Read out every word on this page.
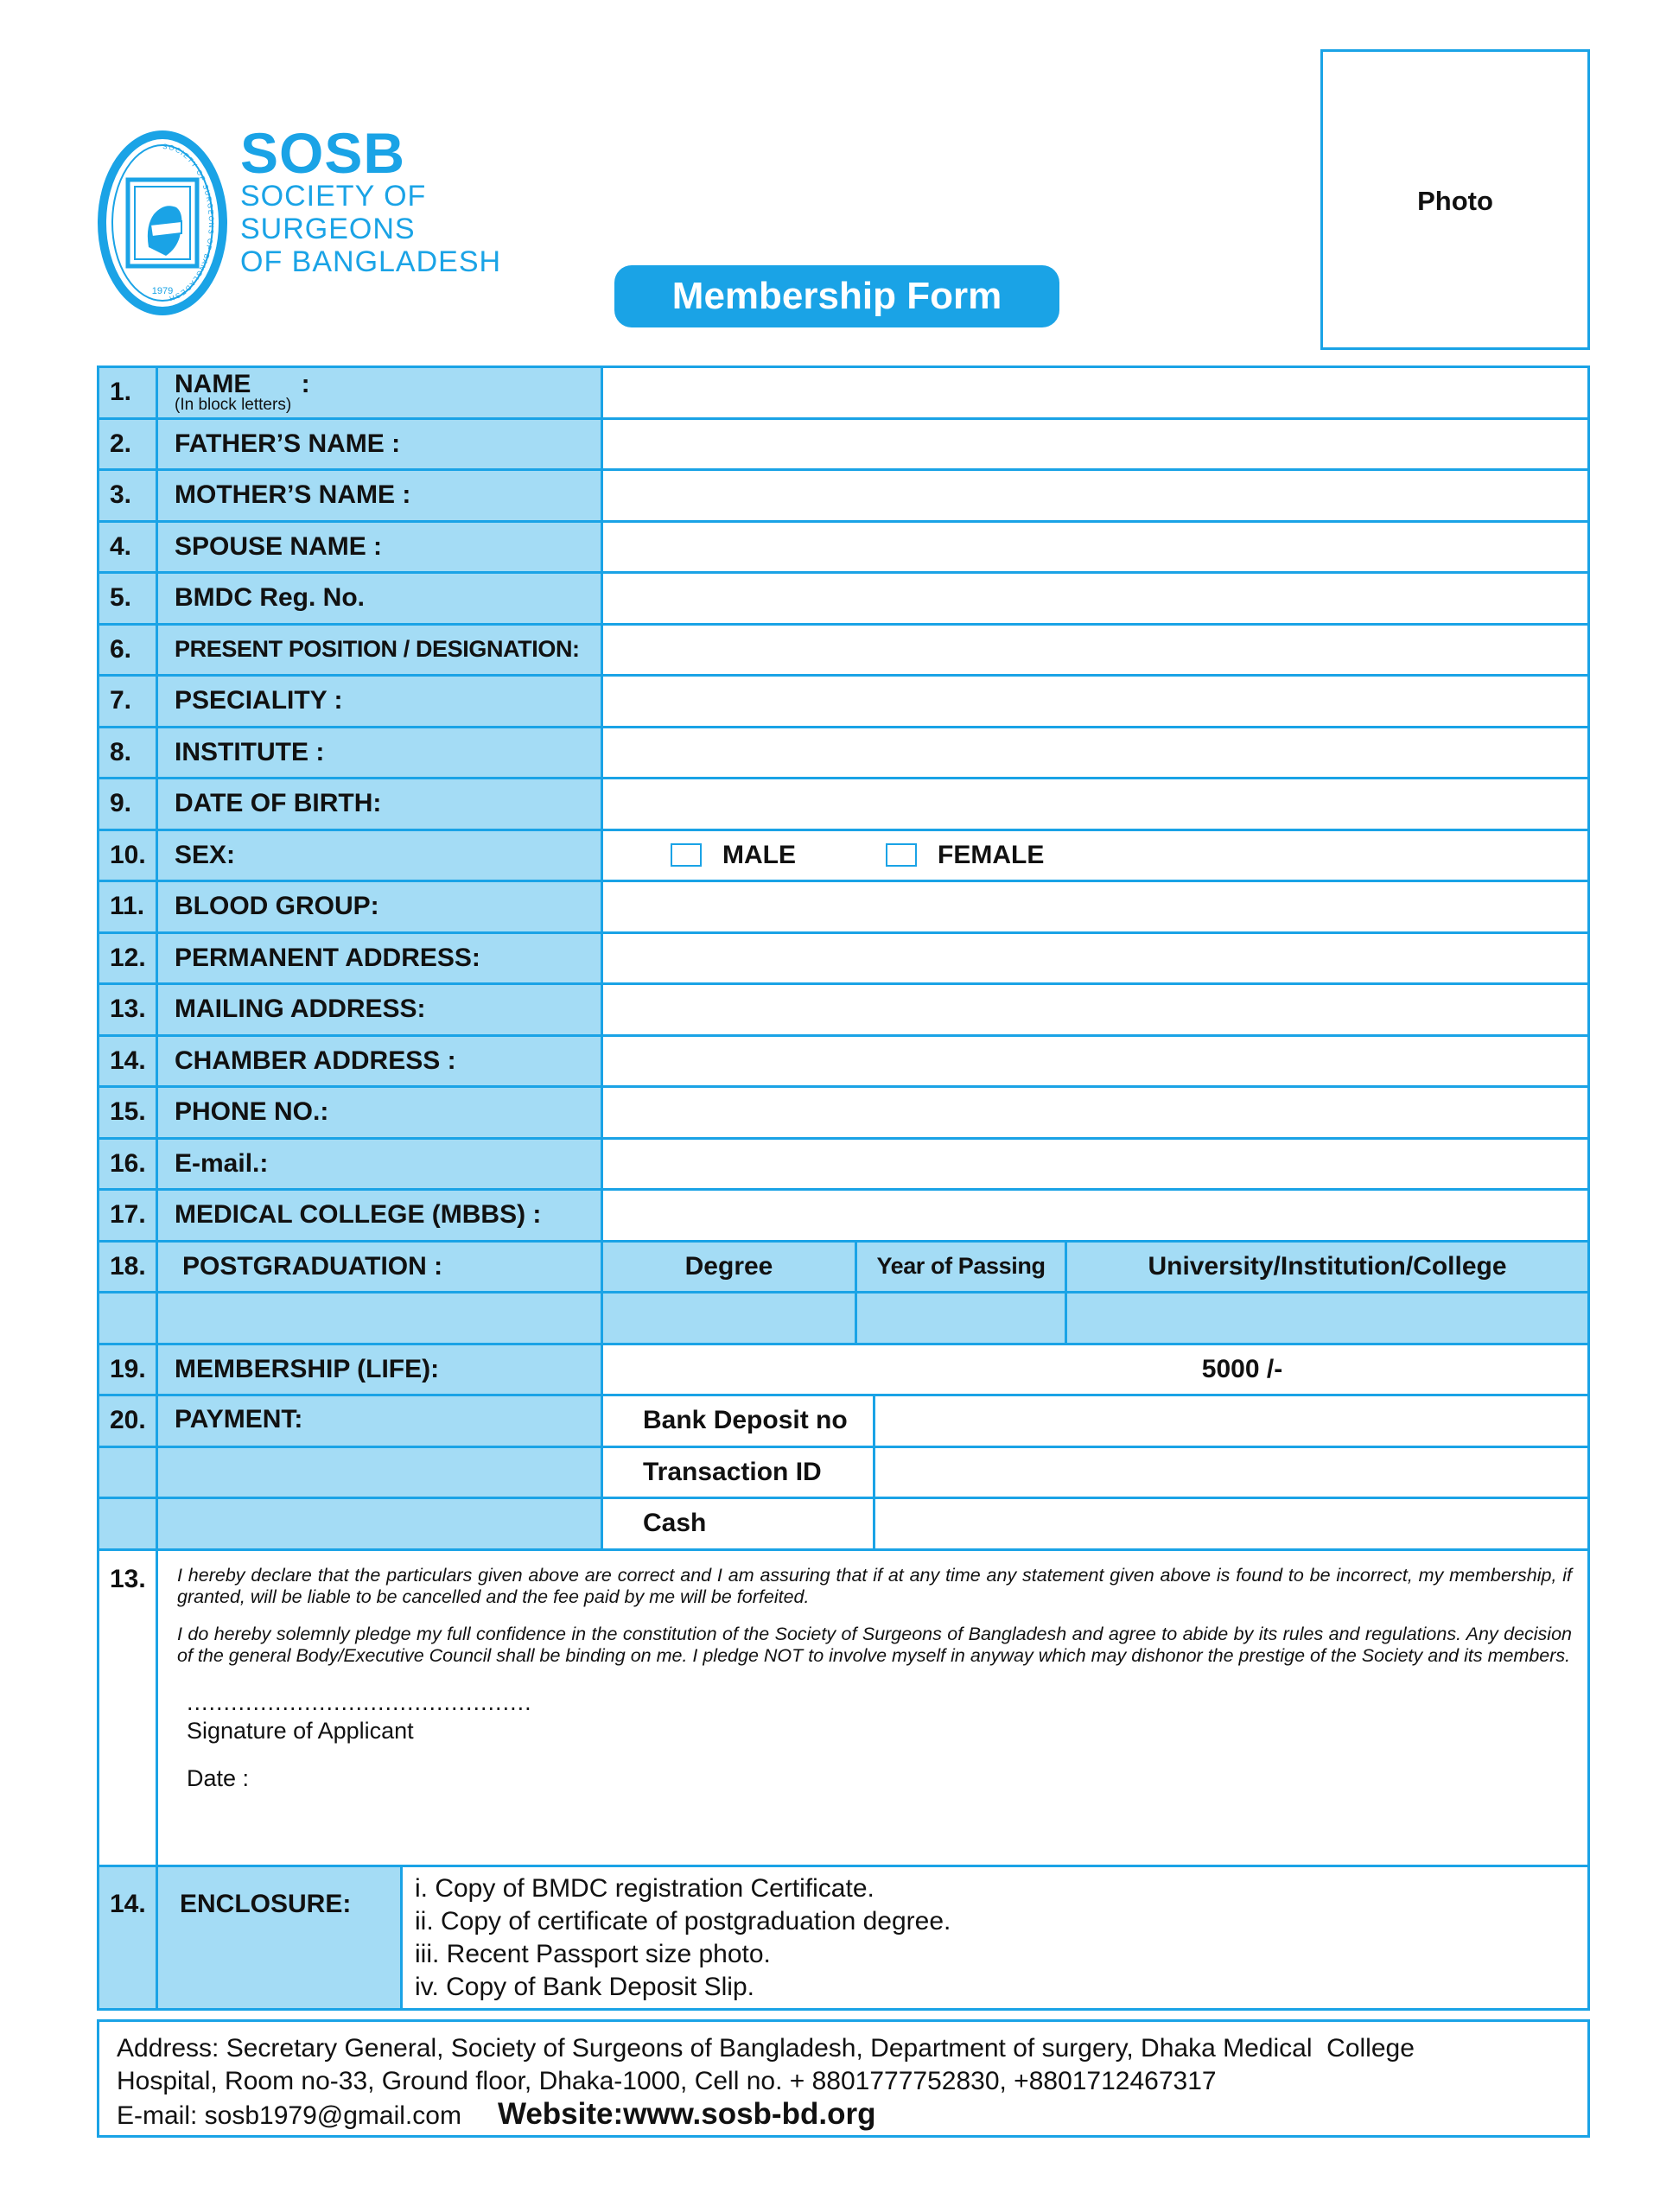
SOCIETY OF SURGEONS OF BANGLADESH
1979
SOSB
SOCIETY OF
SURGEONS
OF BANGLADESH
Membership Form
Photo
1.	NAME       :
(In block letters)
2.	FATHER’S NAME :
3.	MOTHER’S NAME :
4.	SPOUSE NAME :
5.	BMDC Reg. No.
6.	PRESENT POSITION / DESIGNATION:
7.	PSECIALITY :
8.	INSTITUTE :
9.	DATE OF BIRTH:
10.	SEX:	MALE	FEMALE
11.	BLOOD GROUP:
12.	PERMANENT ADDRESS:
13.	MAILING ADDRESS:
14.	CHAMBER ADDRESS :
15.	PHONE NO.:
16.	E-mail.:
17.	MEDICAL COLLEGE (MBBS) :
18.	POSTGRADUATION :	Degree	Year of Passing	University/Institution/College
19.	MEMBERSHIP (LIFE):	5000 /-
20.	PAYMENT:	Bank Deposit no
Transaction ID
Cash
13.	I hereby declare that the particulars given above are correct and I am assuring that if at any time any statement given above is found to be incorrect, my membership, if granted, will be liable to be cancelled and the fee paid by me will be forfeited.

I do hereby solemnly pledge my full confidence in the constitution of the Society of Surgeons of Bangladesh and agree to abide by its rules and regulations. Any decision of the general Body/Executive Council shall be binding on me. I pledge NOT to involve myself in anyway which may dishonor the prestige of the Society and its members.

...............................................
Signature of Applicant
Date :
14.	ENCLOSURE:
i. Copy of BMDC registration Certificate.
ii. Copy of certificate of postgraduation degree.
iii. Recent Passport size photo.
iv. Copy of Bank Deposit Slip.
Address: Secretary General, Society of Surgeons of Bangladesh, Department of surgery, Dhaka Medical  College
Hospital, Room no-33, Ground floor, Dhaka-1000, Cell no. + 8801777752830, +8801712467317
E-mail: sosb1979@gmail.com Website:www.sosb-bd.org
